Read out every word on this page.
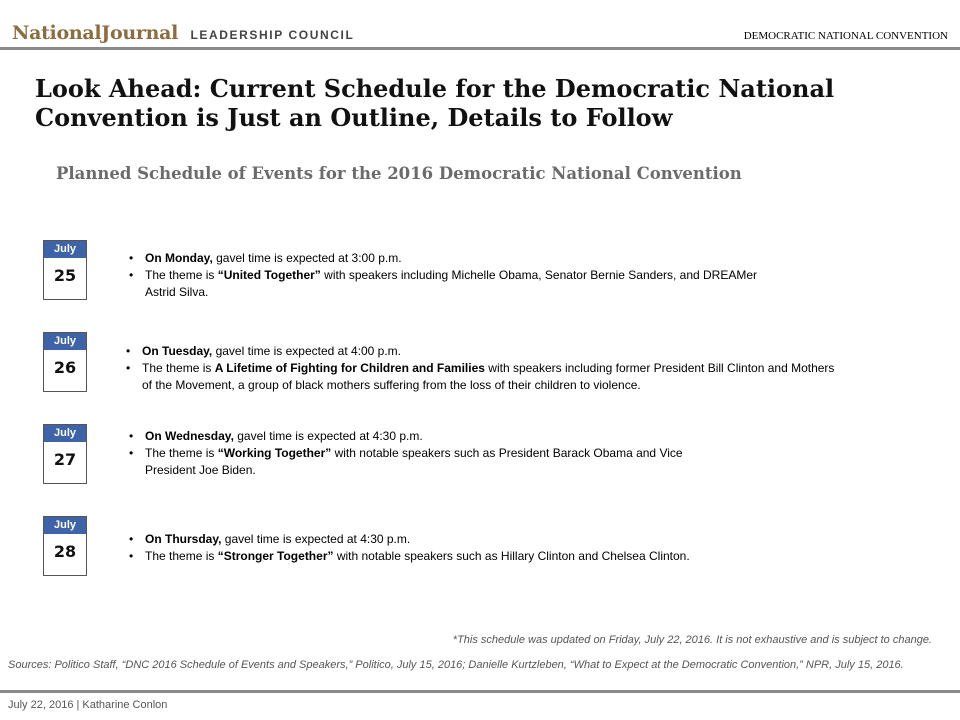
NationalJournal LEADERSHIP COUNCIL	DEMOCRATIC NATIONAL CONVENTION
Look Ahead: Current Schedule for the Democratic National Convention is Just an Outline, Details to Follow
Planned Schedule of Events for the 2016 Democratic National Convention
July
25
• On Monday, gavel time is expected at 3:00 p.m.
• The theme is “United Together” with speakers including Michelle Obama, Senator Bernie Sanders, and DREAMer Astrid Silva.
July
26
• On Tuesday, gavel time is expected at 4:00 p.m.
• The theme is A Lifetime of Fighting for Children and Families with speakers including former President Bill Clinton and Mothers of the Movement, a group of black mothers suffering from the loss of their children to violence.
July
27
• On Wednesday, gavel time is expected at 4:30 p.m.
• The theme is “Working Together” with notable speakers such as President Barack Obama and Vice President Joe Biden.
July
28
• On Thursday, gavel time is expected at 4:30 p.m.
• The theme is “Stronger Together” with notable speakers such as Hillary Clinton and Chelsea Clinton.
*This schedule was updated on Friday, July 22, 2016. It is not exhaustive and is subject to change.
Sources: Politico Staff, “DNC 2016 Schedule of Events and Speakers,” Politico, July 15, 2016; Danielle Kurtzleben, “What to Expect at the Democratic Convention,” NPR, July 15, 2016.
July 22, 2016 | Katharine Conlon
